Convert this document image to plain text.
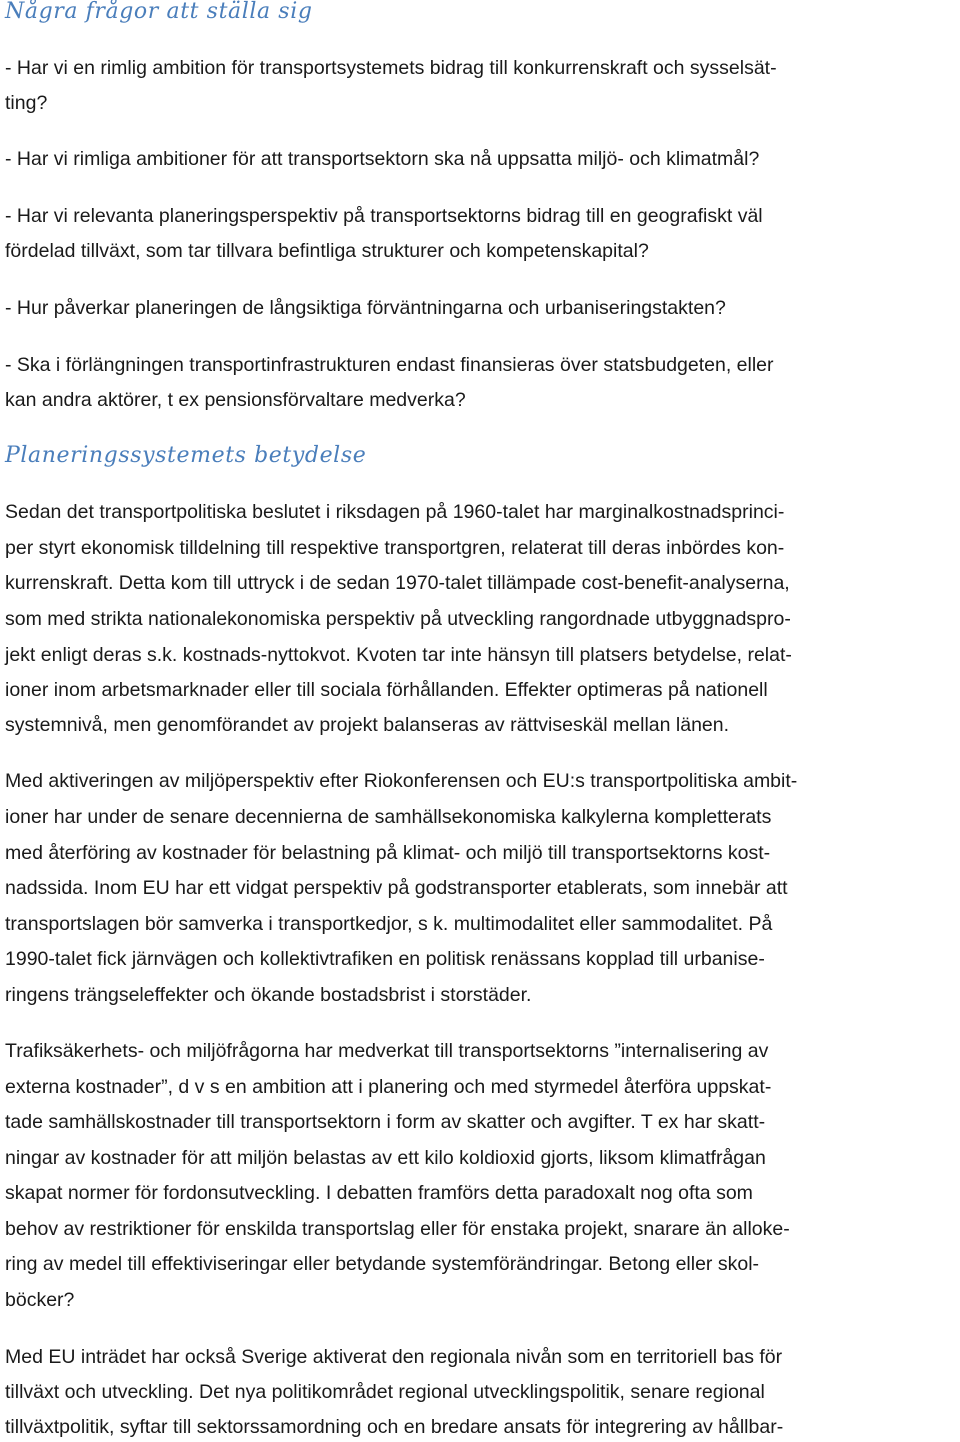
Några frågor att ställa sig

- Har vi en rimlig ambition för transportsystemets bidrag till konkurrenskraft och sysselsät-

ting?

- Har vi rimliga ambitioner för att transportsektorn ska nå uppsatta miljö- och klimatmål?

- Har vi relevanta planeringsperspektiv på transportsektorns bidrag till en geografiskt väl

fördelad tillväxt, som tar tillvara befintliga strukturer och kompetenskapital?

- Hur påverkar planeringen de långsiktiga förväntningarna och urbaniseringstakten?

- Ska i förlängningen transportinfrastrukturen endast finansieras över statsbudgeten, eller

kan andra aktörer, t ex pensionsförvaltare medverka?

Planeringssystemets betydelse

Sedan det transportpolitiska beslutet i riksdagen på 1960-talet har marginalkostnadsprinci-

per styrt ekonomisk tilldelning till respektive transportgren, relaterat till deras inbördes kon-

kurrenskraft. Detta kom till uttryck i de sedan 1970-talet tillämpade cost-benefit-analyserna,

som med strikta nationalekonomiska perspektiv på utveckling rangordnade utbyggnadspro-

jekt enligt deras s.k. kostnads-nyttokvot. Kvoten tar inte hänsyn till platsers betydelse, relat-

ioner inom arbetsmarknader eller till sociala förhållanden. Effekter optimeras på nationell

systemnivå, men genomförandet av projekt balanseras av rättviseskäl mellan länen.

Med aktiveringen av miljöperspektiv efter Riokonferensen och EU:s transportpolitiska ambit-

ioner har under de senare decennierna de samhällsekonomiska kalkylerna kompletterats

med återföring av kostnader för belastning på klimat- och miljö till transportsektorns kost-

nadssida. Inom EU har ett vidgat perspektiv på godstransporter etablerats, som innebär att

transportslagen bör samverka i transportkedjor, s k. multimodalitet eller sammodalitet. På

1990-talet fick järnvägen och kollektivtrafiken en politisk renässans kopplad till urbanise-

ringens trängseleffekter och ökande bostadsbrist i storstäder.

Trafiksäkerhets- och miljöfrågorna har medverkat till transportsektorns ”internalisering av

externa kostnader”, d v s en ambition att i planering och med styrmedel återföra uppskat-

tade samhällskostnader till transportsektorn i form av skatter och avgifter. T ex har skatt-

ningar av kostnader för att miljön belastas av ett kilo koldioxid gjorts, liksom klimatfrågan

skapat normer för fordonsutveckling. I debatten framförs detta paradoxalt nog ofta som

behov av restriktioner för enskilda transportslag eller för enstaka projekt, snarare än alloke-

ring av medel till effektiviseringar eller betydande systemförändringar. Betong eller skol-

böcker?

Med EU inträdet har också Sverige aktiverat den regionala nivån som en territoriell bas för

tillväxt och utveckling. Det nya politikområdet regional utvecklingspolitik, senare regional

tillväxtpolitik, syftar till sektorssamordning och en bredare ansats för integrering av hållbar-
